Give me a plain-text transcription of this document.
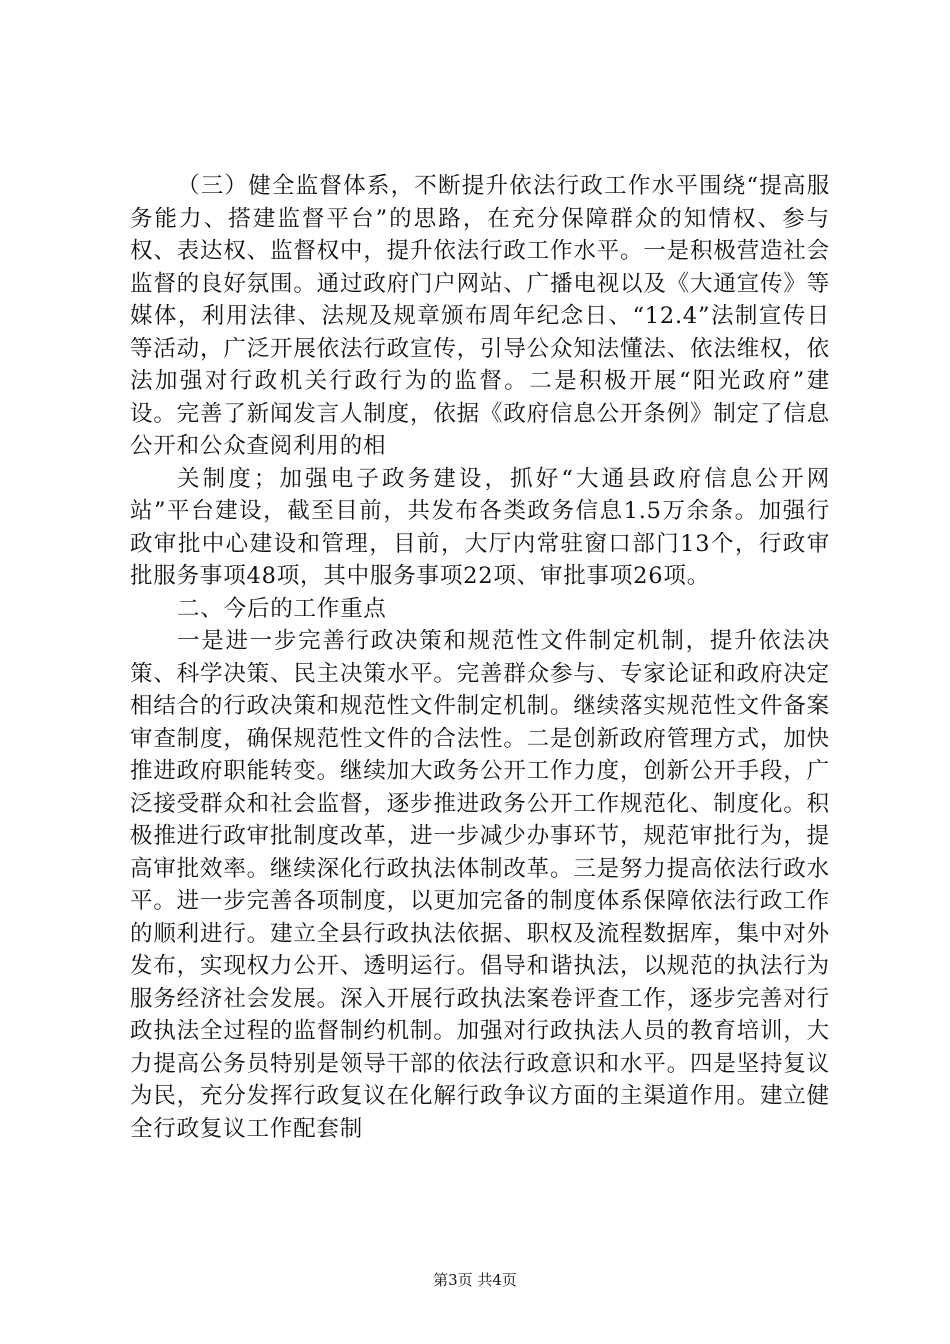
（三）健全监督体系，不断提升依法行政工作水平围绕“提高服务能力、搭建监督平台”的思路，在充分保障群众的知情权、参与权、表达权、监督权中，提升依法行政工作水平。一是积极营造社会监督的良好氛围。通过政府门户网站、广播电视以及《大通宣传》等媒体，利用法律、法规及规章颁布周年纪念日、“12.4”法制宣传日等活动，广泛开展依法行政宣传，引导公众知法懂法、依法维权，依法加强对行政机关行政行为的监督。二是积极开展“阳光政府”建设。完善了新闻发言人制度，依据《政府信息公开条例》制定了信息公开和公众查阅利用的相

关制度；加强电子政务建设，抓好“大通县政府信息公开网站”平台建设，截至目前，共发布各类政务信息1.5万余条。加强行政审批中心建设和管理，目前，大厅内常驻窗口部门13个，行政审批服务事项48项，其中服务事项22项、审批事项26项。

二、今后的工作重点

一是进一步完善行政决策和规范性文件制定机制，提升依法决策、科学决策、民主决策水平。完善群众参与、专家论证和政府决定相结合的行政决策和规范性文件制定机制。继续落实规范性文件备案审查制度，确保规范性文件的合法性。二是创新政府管理方式，加快推进政府职能转变。继续加大政务公开工作力度，创新公开手段，广泛接受群众和社会监督，逐步推进政务公开工作规范化、制度化。积极推进行政审批制度改革，进一步减少办事环节，规范审批行为，提高审批效率。继续深化行政执法体制改革。三是努力提高依法行政水平。进一步完善各项制度，以更加完备的制度体系保障依法行政工作的顺利进行。建立全县行政执法依据、职权及流程数据库，集中对外发布，实现权力公开、透明运行。倡导和谐执法，以规范的执法行为服务经济社会发展。深入开展行政执法案卷评查工作，逐步完善对行政执法全过程的监督制约机制。加强对行政执法人员的教育培训，大力提高公务员特别是领导干部的依法行政意识和水平。四是坚持复议为民，充分发挥行政复议在化解行政争议方面的主渠道作用。建立健全行政复议工作配套制

第3页 共4页
